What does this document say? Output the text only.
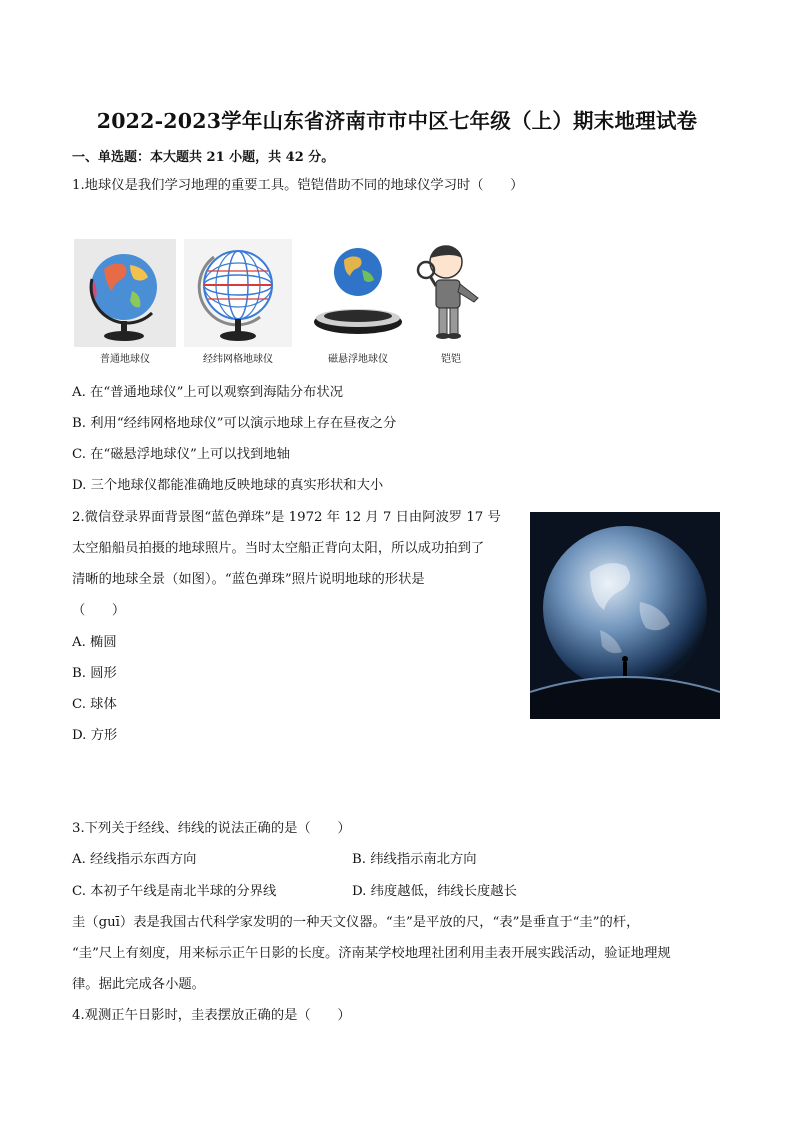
2022-2023学年山东省济南市市中区七年级（上）期末地理试卷
一、单选题：本大题共 21 小题，共 42 分。
1.地球仪是我们学习地理的重要工具。铠铠借助不同的地球仪学习时（　　）
普通地球仪	经纬网格地球仪	磁悬浮地球仪	铠铠
A. 在“普通地球仪”上可以观察到海陆分布状况
B. 利用“经纬网格地球仪”可以演示地球上存在昼夜之分
C. 在“磁悬浮地球仪”上可以找到地轴
D. 三个地球仪都能准确地反映地球的真实形状和大小
2.微信登录界面背景图“蓝色弹珠”是 1972 年 12 月 7 日由阿波罗 17 号
太空船船员拍摄的地球照片。当时太空船正背向太阳，所以成功拍到了
清晰的地球全景（如图）。“蓝色弹珠”照片说明地球的形状是
（　　）
A. 椭圆
B. 圆形
C. 球体
D. 方形
3.下列关于经线、纬线的说法正确的是（　　）
A. 经线指示东西方向	B. 纬线指示南北方向
C. 本初子午线是南北半球的分界线	D. 纬度越低，纬线长度越长
圭（guī）表是我国古代科学家发明的一种天文仪器。“圭”是平放的尺，“表”是垂直于“圭”的杆，
“圭”尺上有刻度，用来标示正午日影的长度。济南某学校地理社团利用圭表开展实践活动，验证地理规
律。据此完成各小题。
4.观测正午日影时，圭表摆放正确的是（　　）
